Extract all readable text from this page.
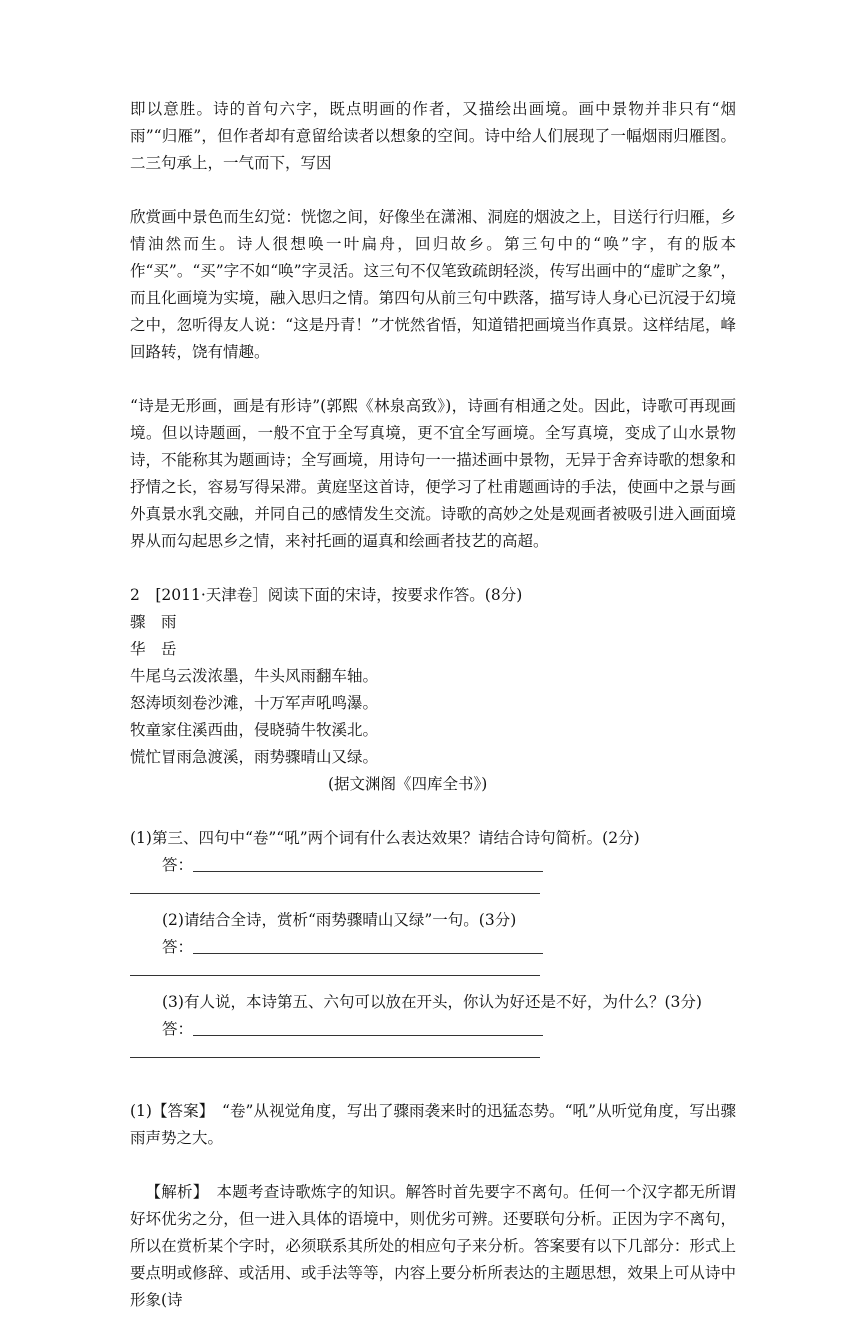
即以意胜。诗的首句六字，既点明画的作者，又描绘出画境。画中景物并非只有“烟雨”“归雁”，但作者却有意留给读者以想象的空间。诗中给人们展现了一幅烟雨归雁图。二三句承上，一气而下，写因

欣赏画中景色而生幻觉：恍惚之间，好像坐在潇湘、洞庭的烟波之上，目送行行归雁，乡情油然而生。诗人很想唤一叶扁舟，回归故乡。第三句中的“唤”字，有的版本作“买”。“买”字不如“唤”字灵活。这三句不仅笔致疏朗轻淡，传写出画中的“虚旷之象”，而且化画境为实境，融入思归之情。第四句从前三句中跌落，描写诗人身心已沉浸于幻境之中，忽听得友人说：“这是丹青！”才恍然省悟，知道错把画境当作真景。这样结尾，峰回路转，饶有情趣。

“诗是无形画，画是有形诗”(郭熙《林泉高致》)，诗画有相通之处。因此，诗歌可再现画境。但以诗题画，一般不宜于全写真境，更不宜全写画境。全写真境，变成了山水景物诗，不能称其为题画诗；全写画境，用诗句一一描述画中景物，无异于舍弃诗歌的想象和抒情之长，容易写得呆滞。黄庭坚这首诗，便学习了杜甫题画诗的手法，使画中之景与画外真景水乳交融，并同自己的感情发生交流。诗歌的高妙之处是观画者被吸引进入画面境界从而勾起思乡之情，来衬托画的逼真和绘画者技艺的高超。

2　[2011·天津卷］阅读下面的宋诗，按要求作答。(8分)
骤　雨
华　岳
牛尾乌云泼浓墨，牛头风雨翻车轴。
怒涛顷刻卷沙滩，十万军声吼鸣瀑。
牧童家住溪西曲，侵晓骑牛牧溪北。
慌忙冒雨急渡溪，雨势骤晴山又绿。
(据文渊阁《四库全书》)
(1)第三、四句中“卷”“吼”两个词有什么表达效果？请结合诗句简析。(2分)
答：
(2)请结合全诗，赏析“雨势骤晴山又绿”一句。(3分)
答：
(3)有人说，本诗第五、六句可以放在开头，你认为好还是不好，为什么？(3分)
答：

(1)【答案】　“卷”从视觉角度，写出了骤雨袭来时的迅猛态势。“吼”从听觉角度，写出骤雨声势之大。

【解析】　本题考查诗歌炼字的知识。解答时首先要字不离句。任何一个汉字都无所谓好坏优劣之分，但一进入具体的语境中，则优劣可辨。还要联句分析。正因为字不离句，所以在赏析某个字时，必须联系其所处的相应句子来分析。答案要有以下几部分：形式上要点明或修辞、或活用、或手法等等，内容上要分析所表达的主题思想，效果上可从诗中形象(诗
